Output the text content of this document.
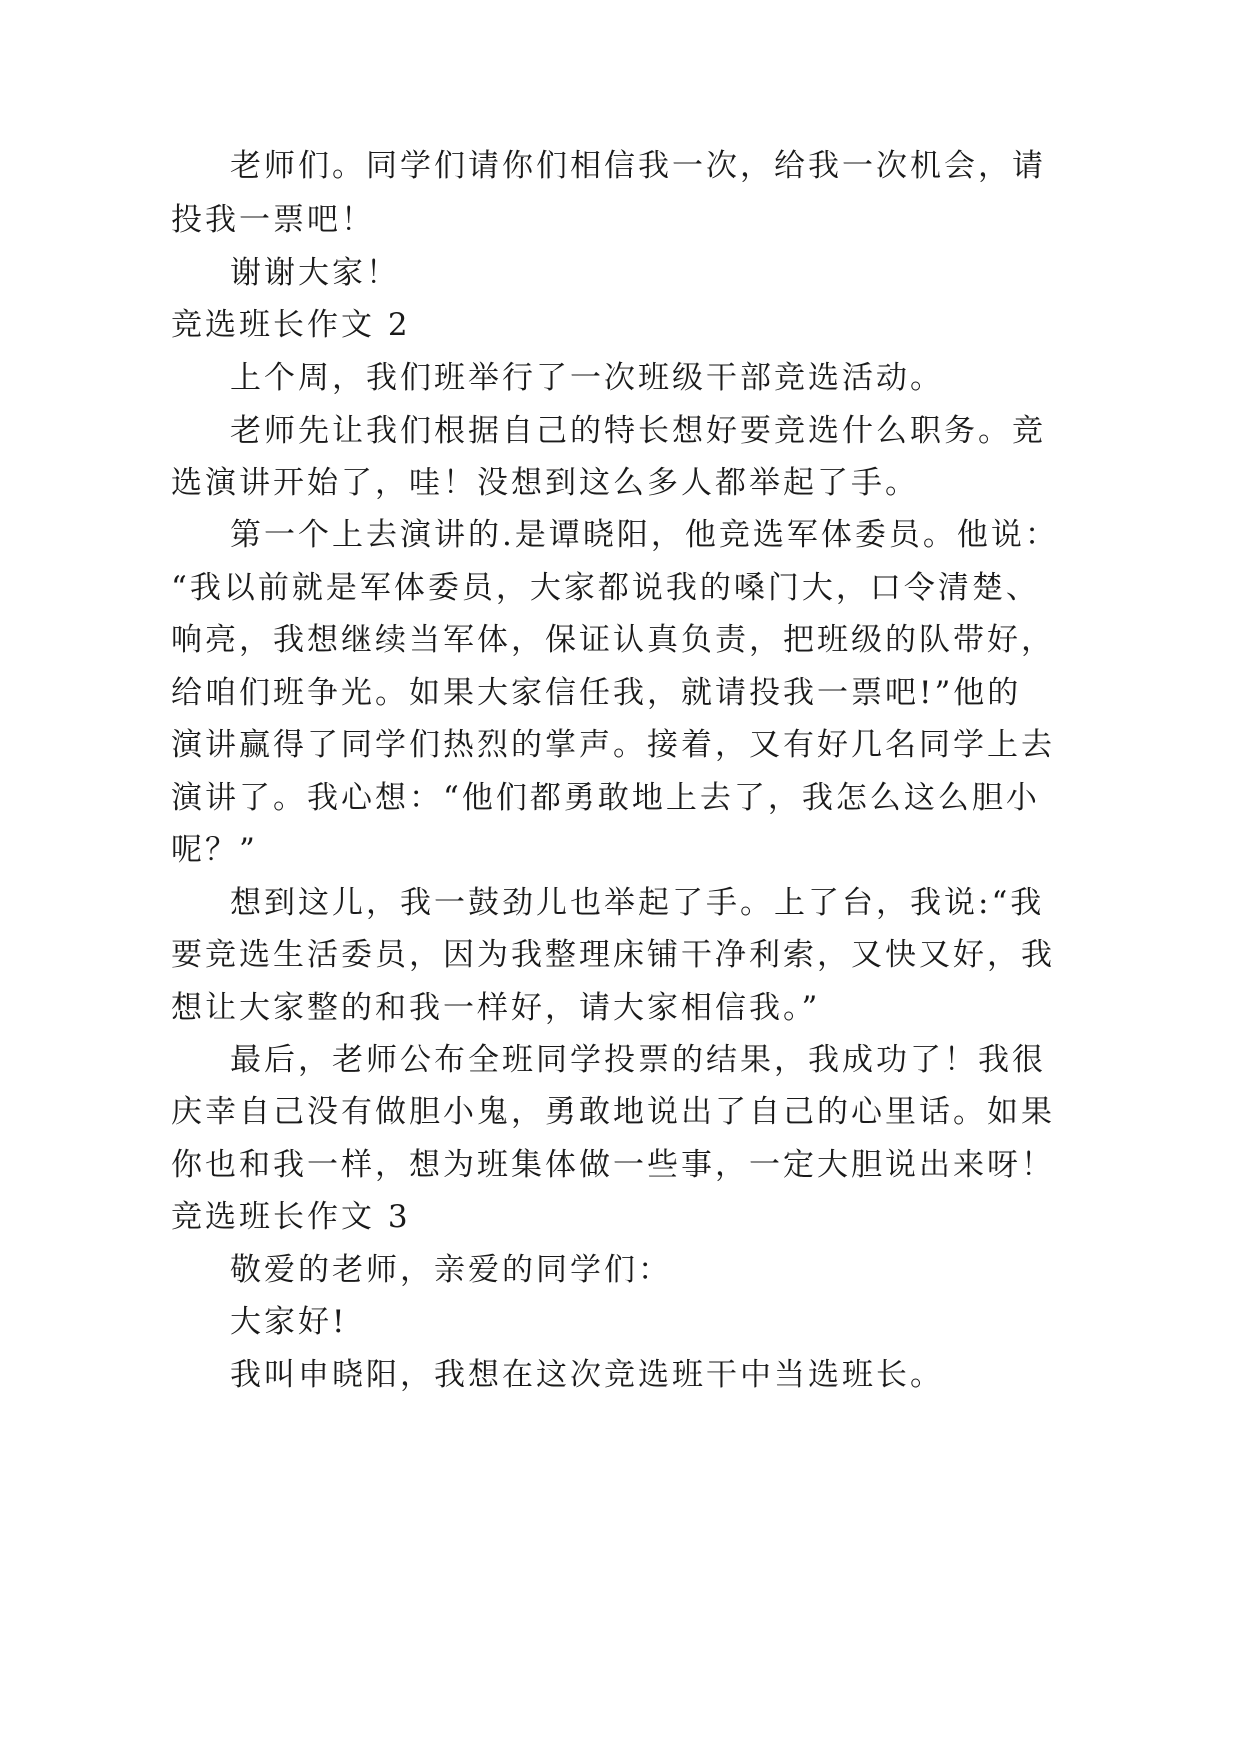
老师们。同学们请你们相信我一次，给我一次机会，请
投我一票吧！
谢谢大家！
竞选班长作文 2
上个周，我们班举行了一次班级干部竞选活动。
老师先让我们根据自己的特长想好要竞选什么职务。竞
选演讲开始了，哇！没想到这么多人都举起了手。
第一个上去演讲的.是谭晓阳，他竞选军体委员。他说：
“我以前就是军体委员，大家都说我的嗓门大，口令清楚、
响亮，我想继续当军体，保证认真负责，把班级的队带好，
给咱们班争光。如果大家信任我，就请投我一票吧!”他的
演讲赢得了同学们热烈的掌声。接着，又有好几名同学上去
演讲了。我心想：“他们都勇敢地上去了，我怎么这么胆小
呢？”
想到这儿，我一鼓劲儿也举起了手。上了台，我说:“我
要竞选生活委员，因为我整理床铺干净利索，又快又好，我
想让大家整的和我一样好，请大家相信我。”
最后，老师公布全班同学投票的结果，我成功了！我很
庆幸自己没有做胆小鬼，勇敢地说出了自己的心里话。如果
你也和我一样，想为班集体做一些事，一定大胆说出来呀！
竞选班长作文 3
敬爱的老师，亲爱的同学们：
大家好!
我叫申晓阳，我想在这次竞选班干中当选班长。
